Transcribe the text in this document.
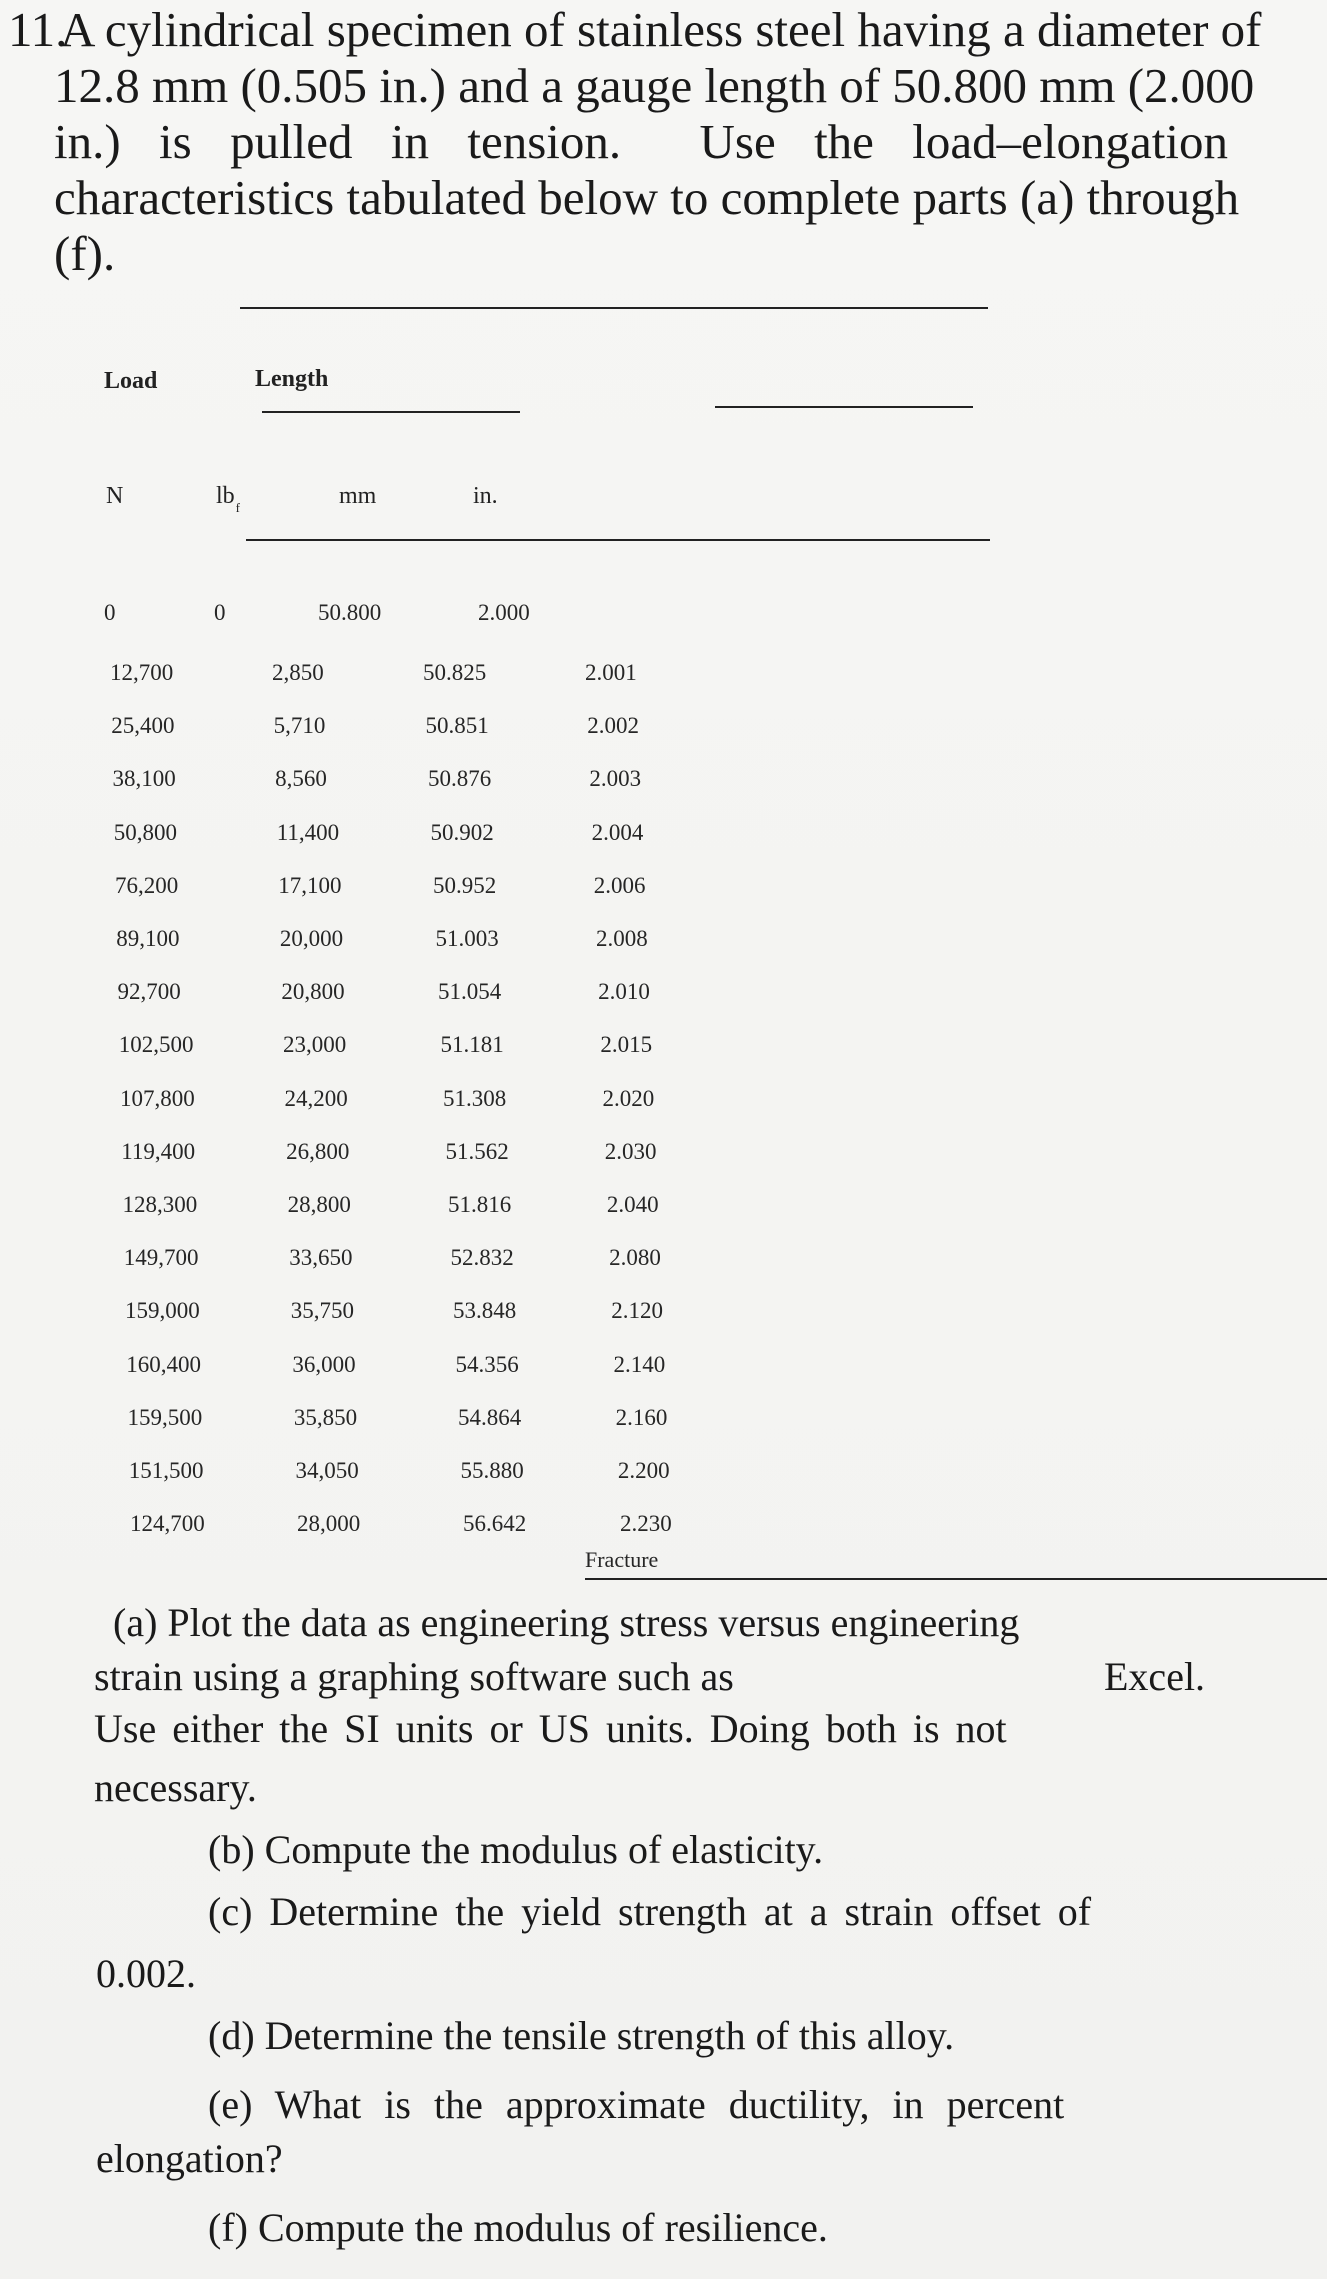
11.A cylindrical specimen of stainless steel having a diameter of
12.8 mm (0.505 in.) and a gauge length of 50.800 mm (2.000
in.) is pulled in tension. Use the load–elongation
characteristics tabulated below to complete parts (a) through
(f).
Load	Length
N	$lb_f$	mm	in.
0	0	50.800	2.000
12,700	2,850	50.825	2.001
25,400	5,710	50.851	2.002
38,100	8,560	50.876	2.003
50,800	11,400	50.902	2.004
76,200	17,100	50.952	2.006
89,100	20,000	51.003	2.008
92,700	20,800	51.054	2.010
102,500	23,000	51.181	2.015
107,800	24,200	51.308	2.020
119,400	26,800	51.562	2.030
128,300	28,800	51.816	2.040
149,700	33,650	52.832	2.080
159,000	35,750	53.848	2.120
160,400	36,000	54.356	2.140
159,500	35,850	54.864	2.160
151,500	34,050	55.880	2.200
124,700	28,000	56.642	2.230
Fracture
(a) Plot the data as engineering stress versus engineering
strain using a graphing software such as	Excel.
Use either the SI units or US units. Doing both is not
necessary.
(b) Compute the modulus of elasticity.
(c) Determine the yield strength at a strain offset of
0.002.
(d) Determine the tensile strength of this alloy.
(e) What is the approximate ductility, in percent
elongation?
(f) Compute the modulus of resilience.
